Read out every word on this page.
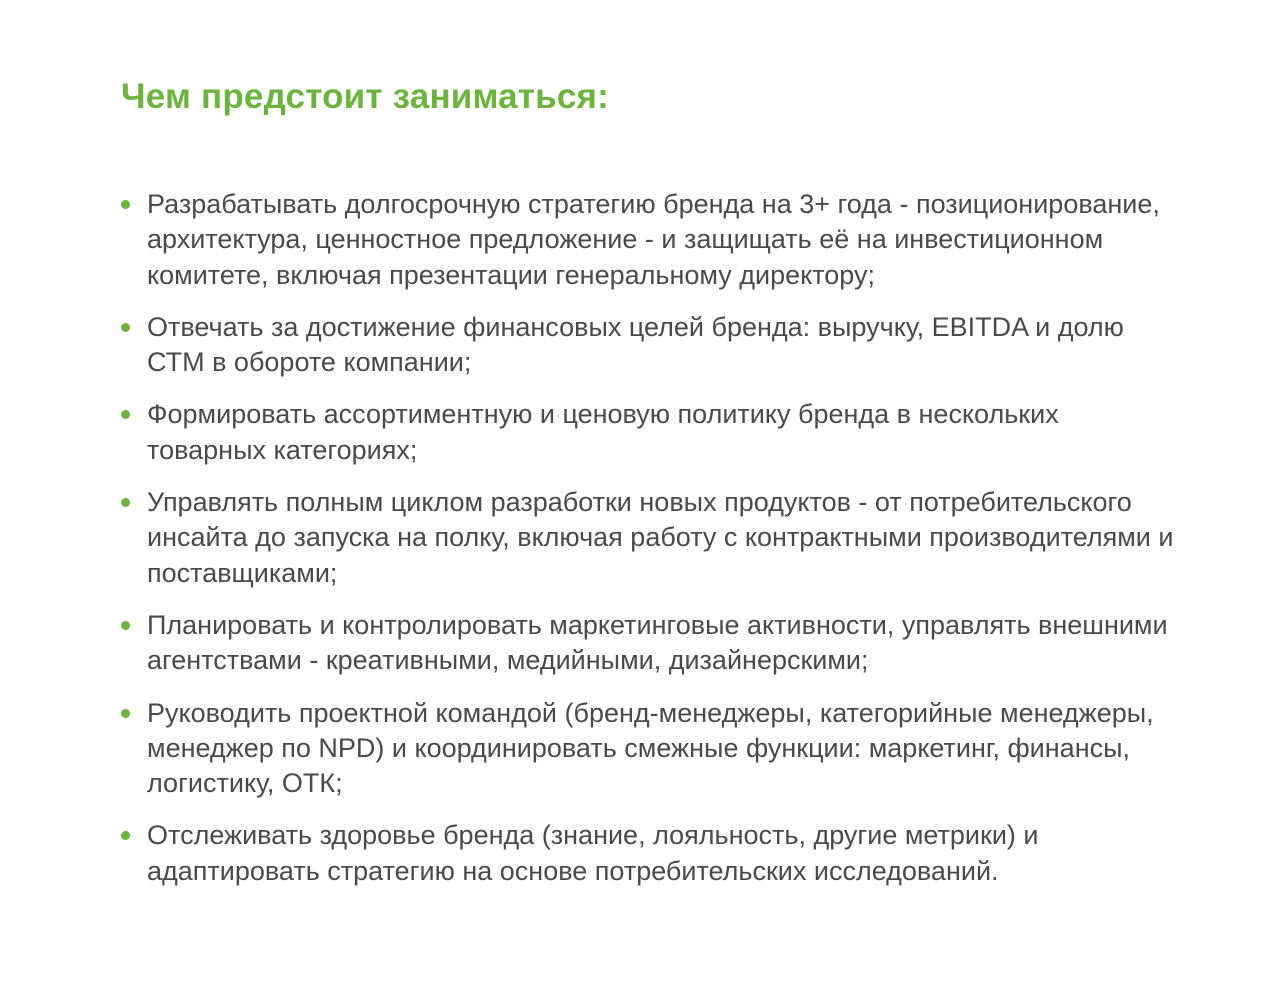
Чем предстоит заниматься:
Разрабатывать долгосрочную стратегию бренда на 3+ года - позиционирование, архитектура, ценностное предложение - и защищать её на инвестиционном комитете, включая презентации генеральному директору;
Отвечать за достижение финансовых целей бренда: выручку, EBITDA и долю СТМ в обороте компании;
Формировать ассортиментную и ценовую политику бренда в нескольких товарных категориях;
Управлять полным циклом разработки новых продуктов - от потребительского инсайта до запуска на полку, включая работу с контрактными производителями и поставщиками;
Планировать и контролировать маркетинговые активности, управлять внешними агентствами - креативными, медийными, дизайнерскими;
Руководить проектной командой (бренд-менеджеры, категорийные менеджеры, менеджер по NPD) и координировать смежные функции: маркетинг, финансы, логистику, ОТК;
Отслеживать здоровье бренда (знание, лояльность, другие метрики) и адаптировать стратегию на основе потребительских исследований.
